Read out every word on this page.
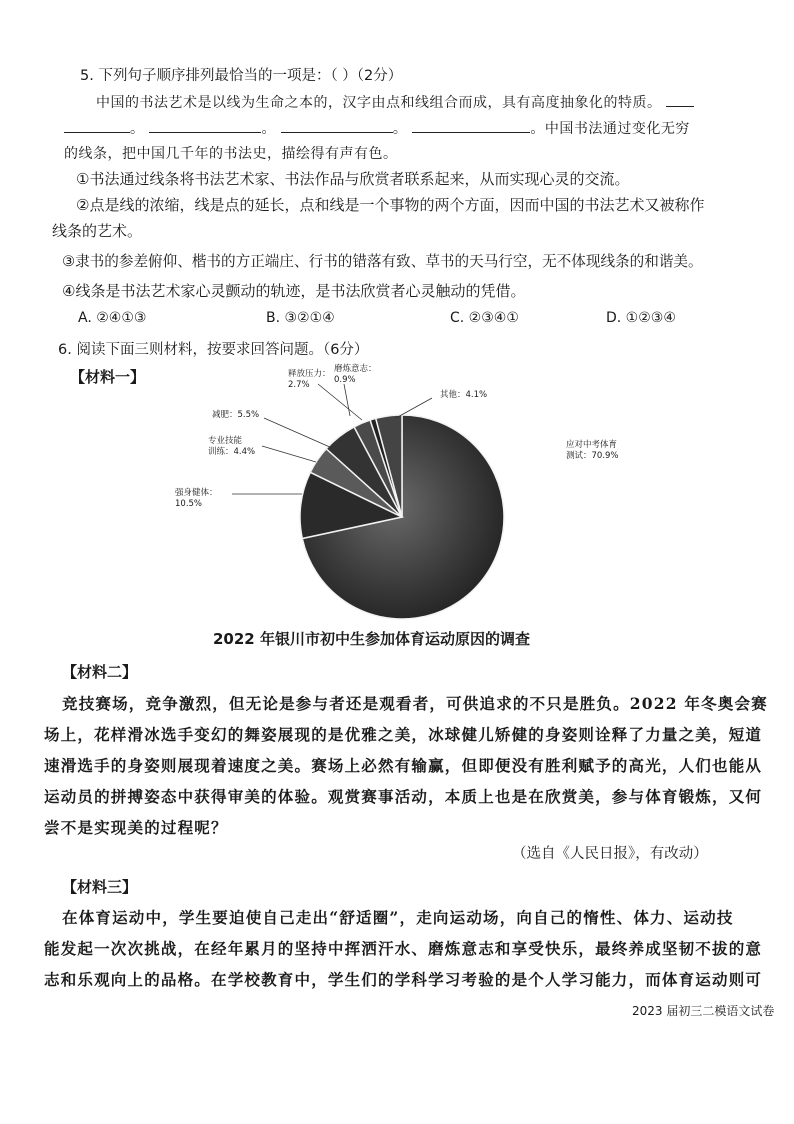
5. 下列句子顺序排列最恰当的一项是：（ ）（2分）
中国的书法艺术是以线为生命之本的，汉字由点和线组合而成，具有高度抽象化的特质。
。	。	。	。中国书法通过变化无穷
的线条，把中国几千年的书法史，描绘得有声有色。
①书法通过线条将书法艺术家、书法作品与欣赏者联系起来，从而实现心灵的交流。
②点是线的浓缩，线是点的延长，点和线是一个事物的两个方面，因而中国的书法艺术又被称作
线条的艺术。
③隶书的参差俯仰、楷书的方正端庄、行书的错落有致、草书的天马行空，无不体现线条的和谐美。
④线条是书法艺术家心灵颤动的轨迹，是书法欣赏者心灵触动的凭借。
A. ②④①③	B. ③②①④	C. ②③④①	D. ①②③④
6. 阅读下面三则材料，按要求回答问题。（6分）
【材料一】
应对中考体育
测试：70.9%
强身健体：
10.5%
专业技能
训练：4.4%
减肥：5.5%
释放压力：
2.7%
磨炼意志：
0.9%
其他：4.1%
2022 年银川市初中生参加体育运动原因的调查
【材料二】
竞技赛场，竞争激烈，但无论是参与者还是观看者，可供追求的不只是胜负。2022 年冬奥会赛
场上，花样滑冰选手变幻的舞姿展现的是优雅之美，冰球健儿矫健的身姿则诠释了力量之美，短道
速滑选手的身姿则展现着速度之美。赛场上必然有输赢，但即便没有胜利赋予的高光，人们也能从
运动员的拼搏姿态中获得审美的体验。观赏赛事活动，本质上也是在欣赏美，参与体育锻炼，又何
尝不是实现美的过程呢？
（选自《人民日报》，有改动）
【材料三】
在体育运动中，学生要迫使自己走出“舒适圈”，走向运动场，向自己的惰性、体力、运动技
能发起一次次挑战，在经年累月的坚持中挥洒汗水、磨炼意志和享受快乐，最终养成坚韧不拔的意
志和乐观向上的品格。在学校教育中，学生们的学科学习考验的是个人学习能力，而体育运动则可
2023 届初三二模语文试卷
